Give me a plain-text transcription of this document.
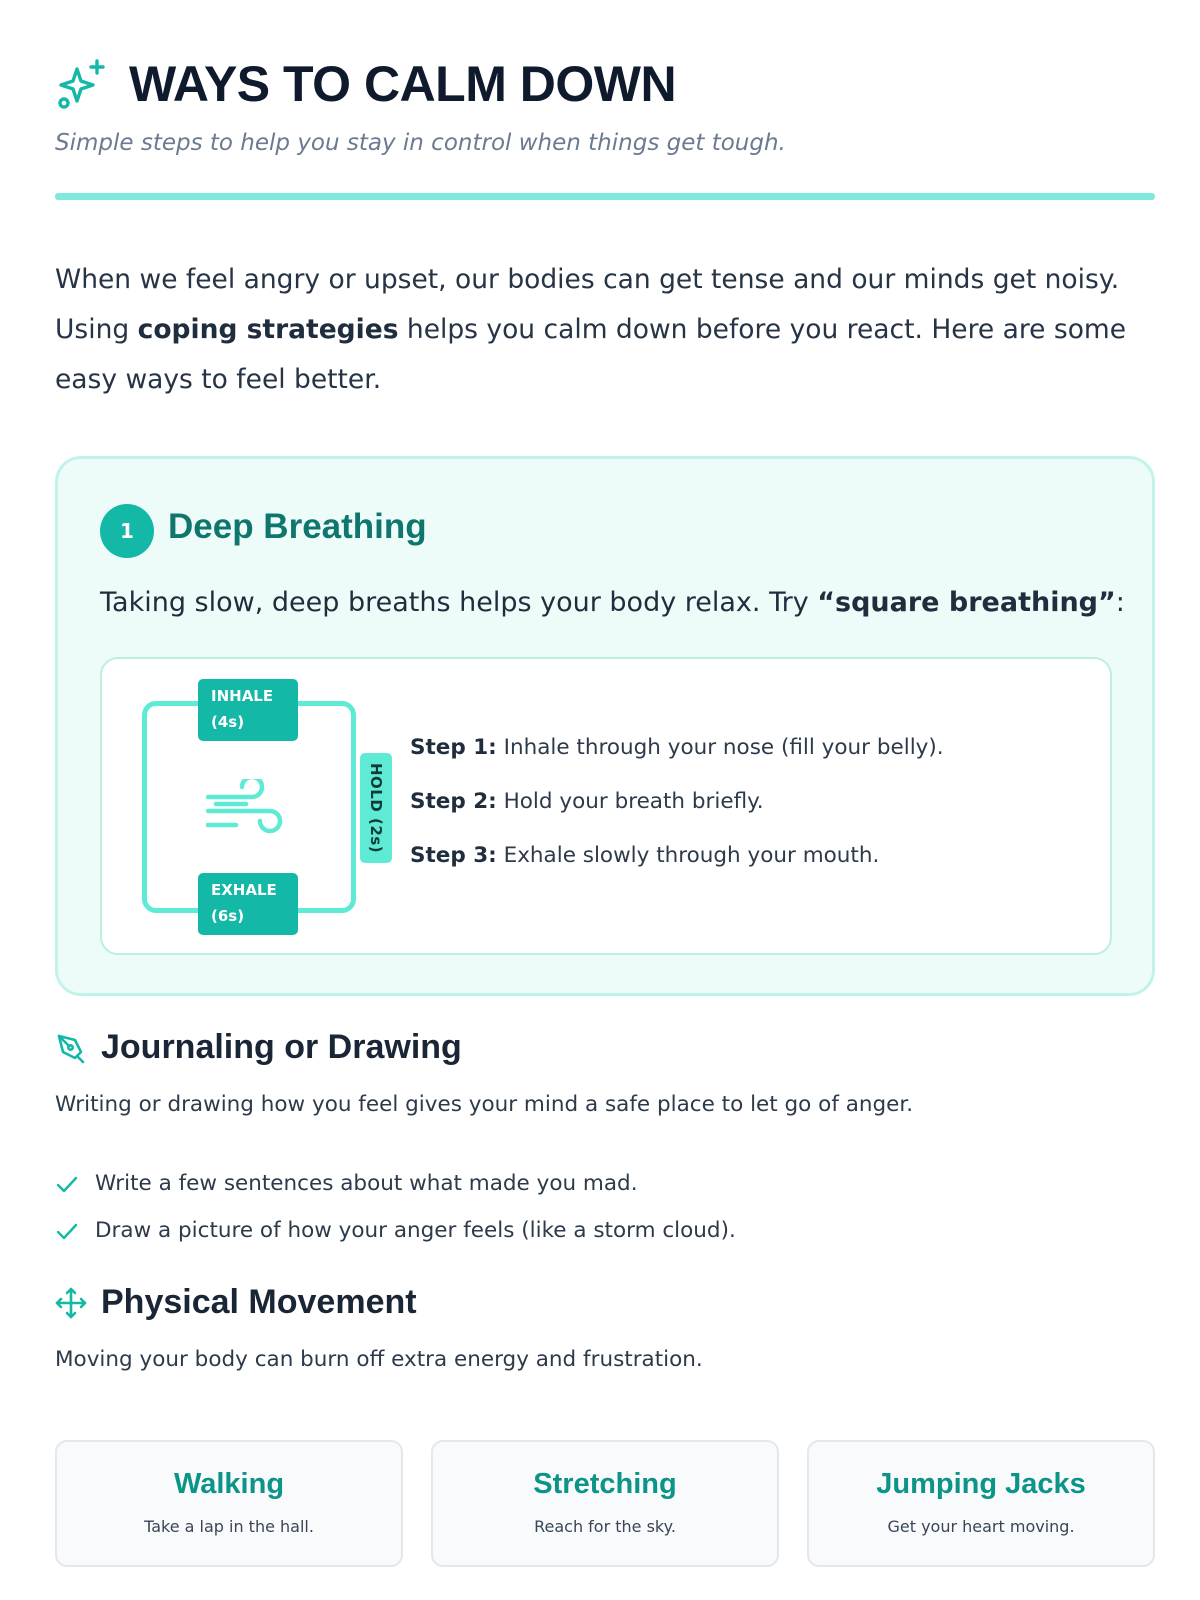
WAYS TO CALM DOWN
Simple steps to help you stay in control when things get tough.
When we feel angry or upset, our bodies can get tense and our minds get noisy.
Using coping strategies helps you calm down before you react. Here are some
easy ways to feel better.
1 Deep Breathing
Taking slow, deep breaths helps your body relax. Try “square breathing”:
INHALE
(4s)
EXHALE
(6s)
HOLD (2s)
Step 1: Inhale through your nose (fill your belly).
Step 2: Hold your breath briefly.
Step 3: Exhale slowly through your mouth.
Journaling or Drawing
Writing or drawing how you feel gives your mind a safe place to let go of anger.
Write a few sentences about what made you mad.
Draw a picture of how your anger feels (like a storm cloud).
Physical Movement
Moving your body can burn off extra energy and frustration.
Walking
Take a lap in the hall.
Stretching
Reach for the sky.
Jumping Jacks
Get your heart moving.
